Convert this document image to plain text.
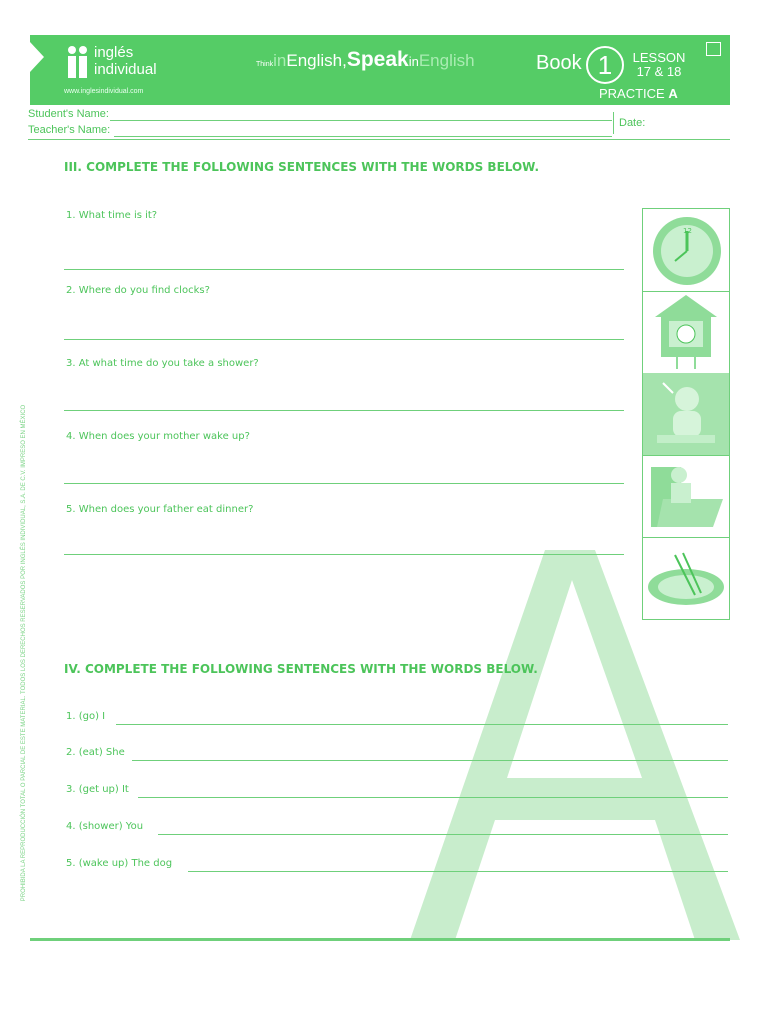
inglés
individual
www.inglesindividual.com
ThinkinEnglish,SpeakinEnglish	Book 1	LESSON
17 & 18
PRACTICE A
Student's Name:
Teacher's Name:
Date:
PROHIBIDA LA REPRODUCCIÓN TOTAL O PARCIAL DE ESTE MATERIAL. TODOS LOS DERECHOS RESERVADOS POR INGLÉS INDIVIDUAL, S.A. DE C.V. IMPRESO EN MÉXICO
III. COMPLETE THE FOLLOWING SENTENCES WITH THE WORDS BELOW.
1. What time is it?
2. Where do you find clocks?
3. At what time do you take a shower?
4. When does your mother wake up?
5. When does your father eat dinner?
12
IV. COMPLETE THE FOLLOWING SENTENCES WITH THE WORDS BELOW.
1. (go) I
2. (eat) She
3. (get up) It
4. (shower) You
5. (wake up) The dog
